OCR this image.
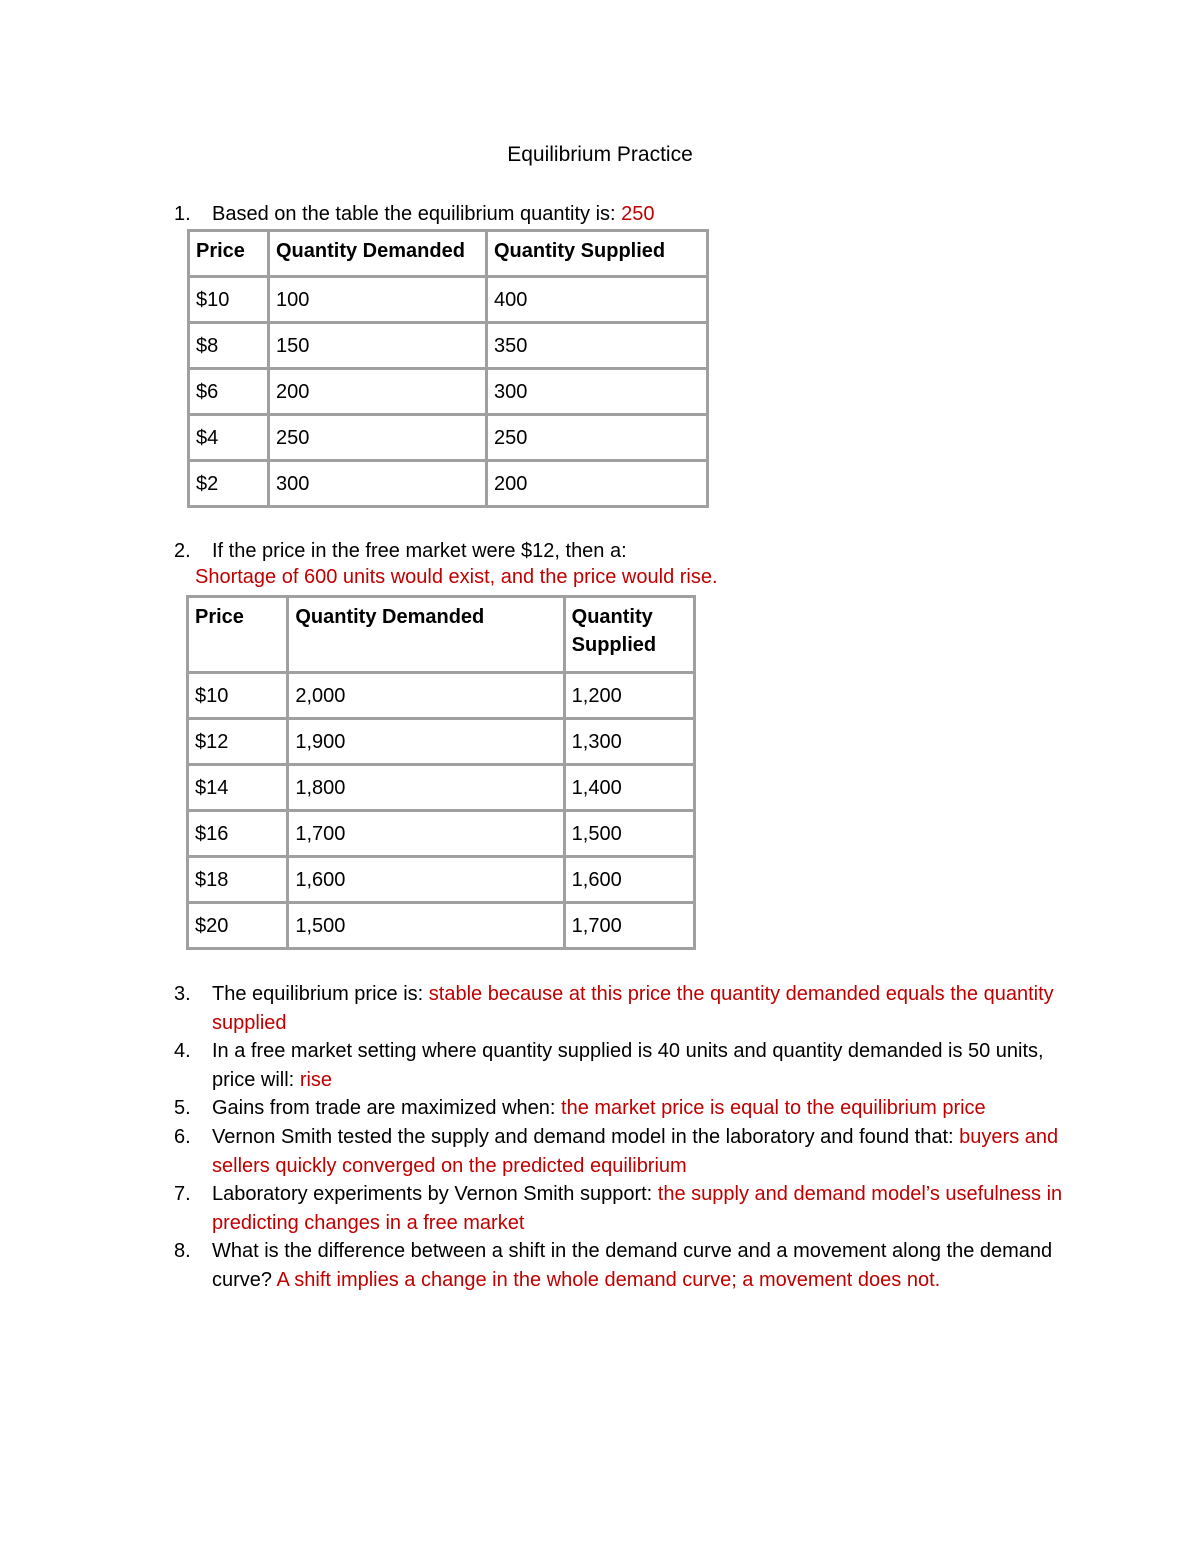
Equilibrium Practice
1. Based on the table the equilibrium quantity is: 250
Price	Quantity Demanded	Quantity Supplied
$10	100	400
$8	150	350
$6	200	300
$4	250	250
$2	300	200
2. If the price in the free market were $12, then a:
Shortage of 600 units would exist, and the price would rise.
Price	Quantity Demanded	Quantity Supplied
$10	2,000	1,200
$12	1,900	1,300
$14	1,800	1,400
$16	1,700	1,500
$18	1,600	1,600
$20	1,500	1,700
3. The equilibrium price is: stable because at this price the quantity demanded equals the quantity supplied
4. In a free market setting where quantity supplied is 40 units and quantity demanded is 50 units, price will: rise
5. Gains from trade are maximized when: the market price is equal to the equilibrium price
6. Vernon Smith tested the supply and demand model in the laboratory and found that: buyers and sellers quickly converged on the predicted equilibrium
7. Laboratory experiments by Vernon Smith support: the supply and demand model’s usefulness in predicting changes in a free market
8. What is the difference between a shift in the demand curve and a movement along the demand curve? A shift implies a change in the whole demand curve; a movement does not.
